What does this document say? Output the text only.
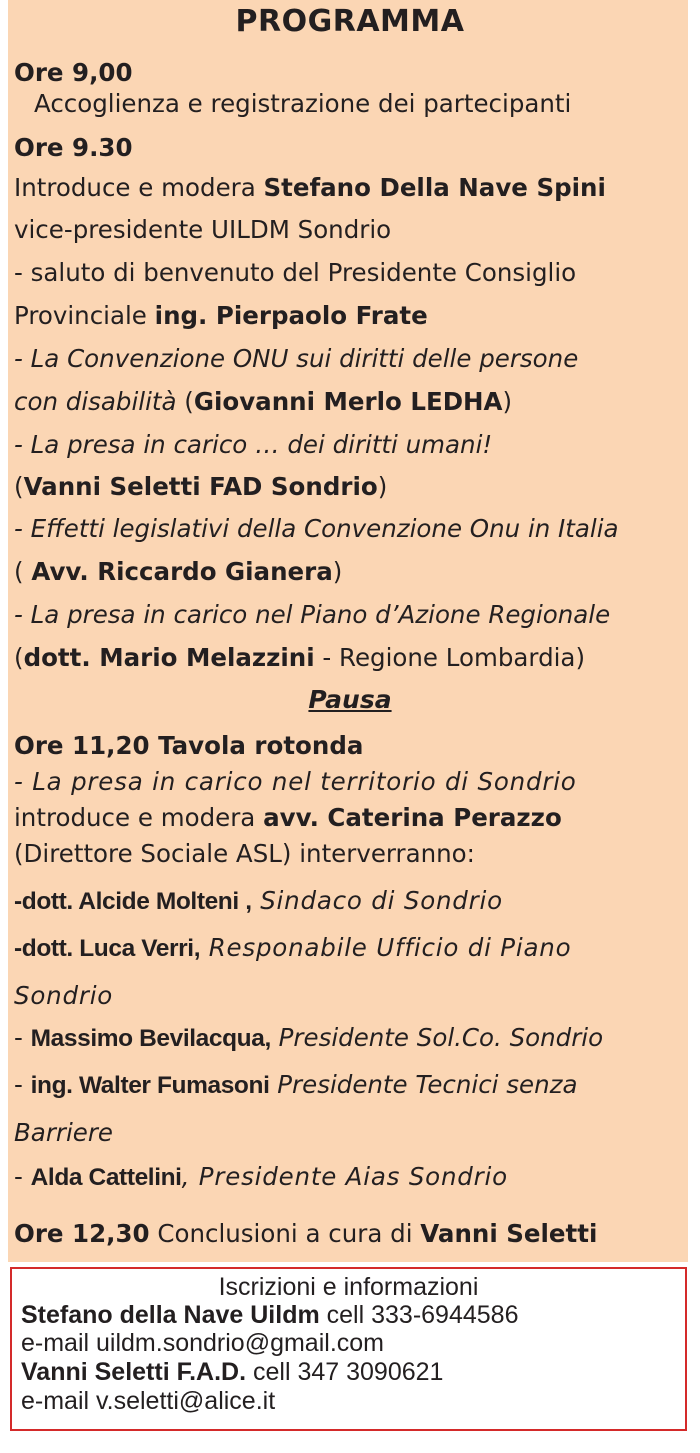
PROGRAMMA
Ore 9,00
Accoglienza e registrazione dei partecipanti
Ore 9.30
Introduce e modera Stefano Della Nave Spini
vice-presidente UILDM Sondrio
- saluto di benvenuto del Presidente Consiglio
Provinciale ing. Pierpaolo Frate
- La Convenzione ONU sui diritti delle persone
con disabilità (Giovanni Merlo LEDHA)
- La presa in carico … dei diritti umani!
(Vanni Seletti FAD Sondrio)
- Effetti legislativi della Convenzione Onu in Italia
( Avv. Riccardo Gianera)
- La presa in carico nel Piano d’Azione Regionale
(dott. Mario Melazzini - Regione Lombardia)
Pausa
Ore 11,20 Tavola rotonda
- La presa in carico nel territorio di Sondrio
introduce e modera avv. Caterina Perazzo
(Direttore Sociale ASL) interverranno:
-dott. Alcide Molteni , Sindaco di Sondrio
-dott. Luca Verri, Responabile Ufficio di Piano
Sondrio
- Massimo Bevilacqua, Presidente Sol.Co. Sondrio
- ing. Walter Fumasoni Presidente Tecnici senza
Barriere
- Alda Cattelini, Presidente Aias Sondrio
Ore 12,30 Conclusioni a cura di Vanni Seletti
Iscrizioni e informazioni
Stefano della Nave Uildm cell 333-6944586
e-mail uildm.sondrio@gmail.com
Vanni Seletti F.A.D. cell 347 3090621
e-mail v.seletti@alice.it
